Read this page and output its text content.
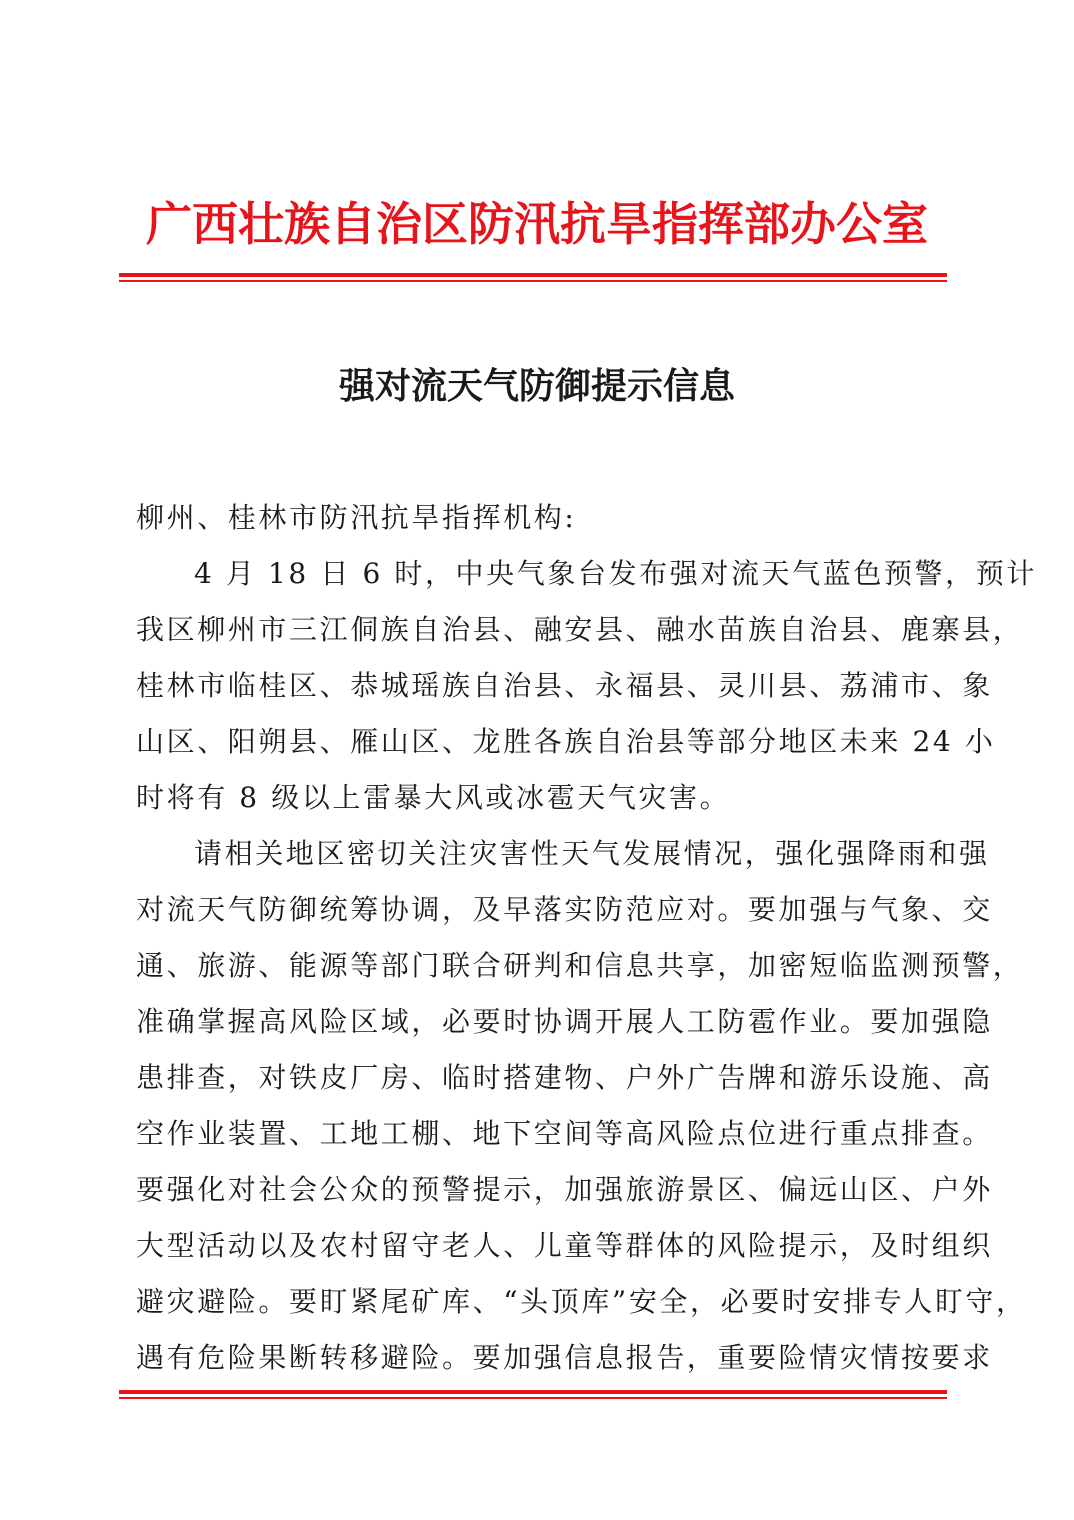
广西壮族自治区防汛抗旱指挥部办公室
强对流天气防御提示信息
柳州、桂林市防汛抗旱指挥机构:
4 月 18 日 6 时，中央气象台发布强对流天气蓝色预警，预计
我区柳州市三江侗族自治县、融安县、融水苗族自治县、鹿寨县，
桂林市临桂区、恭城瑶族自治县、永福县、灵川县、荔浦市、象
山区、阳朔县、雁山区、龙胜各族自治县等部分地区未来 24 小
时将有 8 级以上雷暴大风或冰雹天气灾害。
请相关地区密切关注灾害性天气发展情况，强化强降雨和强
对流天气防御统筹协调，及早落实防范应对。要加强与气象、交
通、旅游、能源等部门联合研判和信息共享，加密短临监测预警，
准确掌握高风险区域，必要时协调开展人工防雹作业。要加强隐
患排查，对铁皮厂房、临时搭建物、户外广告牌和游乐设施、高
空作业装置、工地工棚、地下空间等高风险点位进行重点排查。
要强化对社会公众的预警提示，加强旅游景区、偏远山区、户外
大型活动以及农村留守老人、儿童等群体的风险提示，及时组织
避灾避险。要盯紧尾矿库、“头顶库”安全，必要时安排专人盯守，
遇有危险果断转移避险。要加强信息报告，重要险情灾情按要求
